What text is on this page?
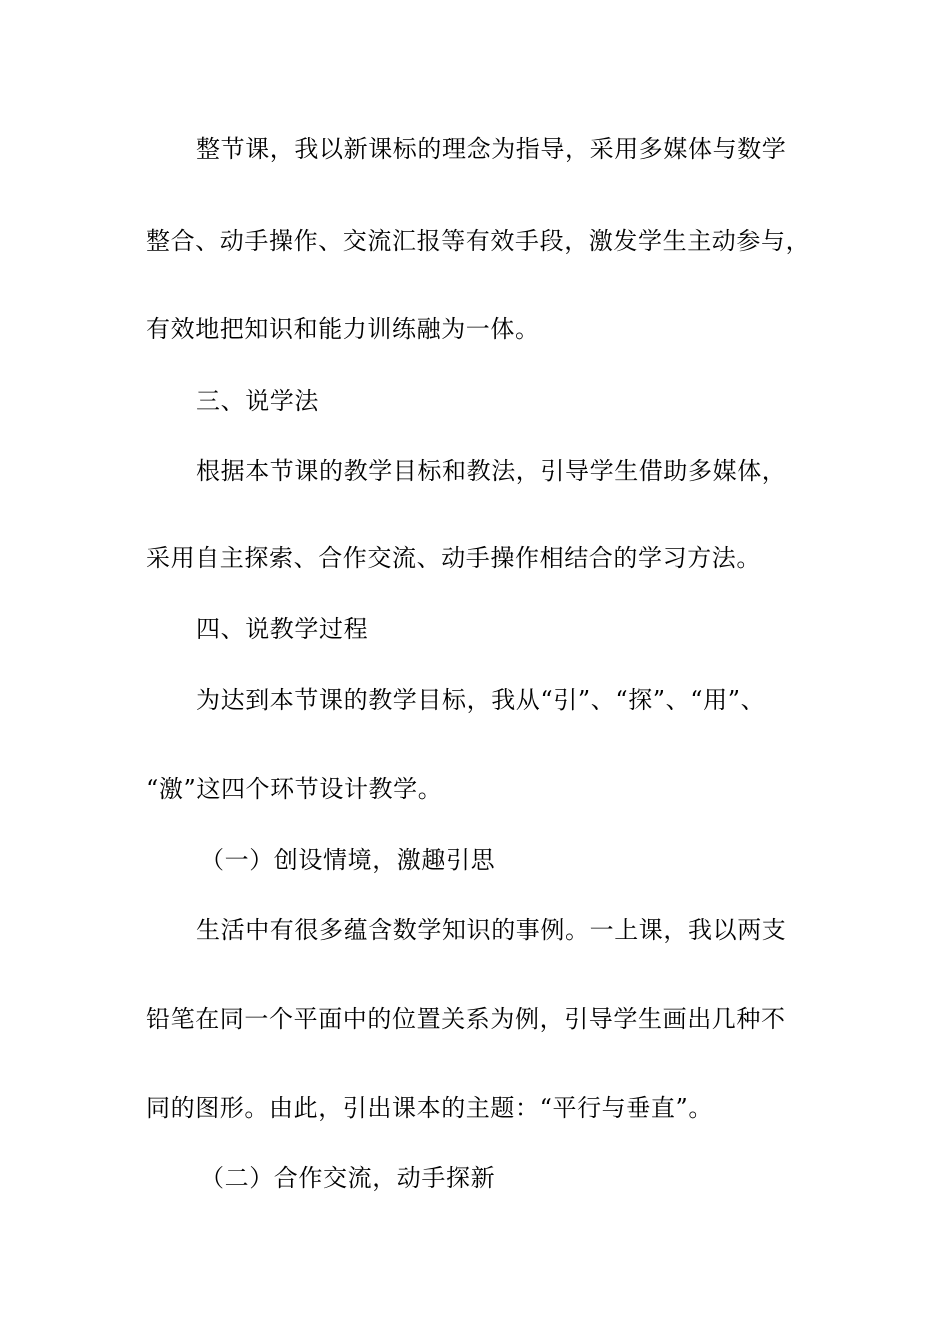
整节课，我以新课标的理念为指导，采用多媒体与数学
整合、动手操作、交流汇报等有效手段，激发学生主动参与，
有效地把知识和能力训练融为一体。
三、说学法
根据本节课的教学目标和教法，引导学生借助多媒体，
采用自主探索、合作交流、动手操作相结合的学习方法。
四、说教学过程
为达到本节课的教学目标，我从“引”、“探”、“用”、
“激”这四个环节设计教学。
（一）创设情境，激趣引思
生活中有很多蕴含数学知识的事例。一上课，我以两支
铅笔在同一个平面中的位置关系为例，引导学生画出几种不
同的图形。由此，引出课本的主题：“平行与垂直”。
（二）合作交流，动手探新
